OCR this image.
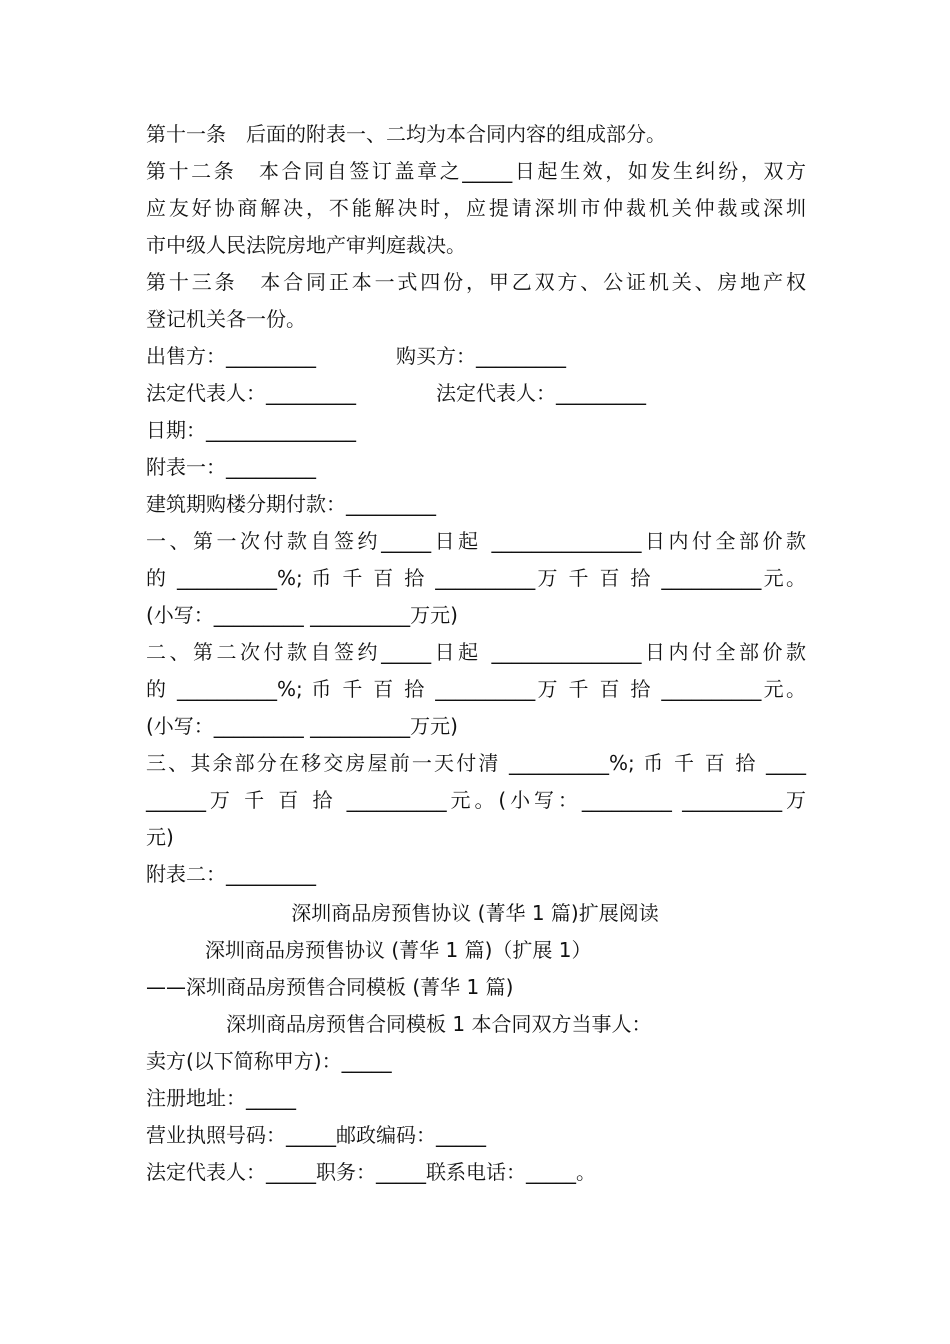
第十一条　后面的附表一、二均为本合同内容的组成部分。
第十二条　本合同自签订盖章之_____日起生效，如发生纠纷，双方
应友好协商解决，不能解决时，应提请深圳市仲裁机关仲裁或深圳
市中级人民法院房地产审判庭裁决。
第十三条　本合同正本一式四份，甲乙双方、公证机关、房地产权
登记机关各一份。
出售方：_________　　　　购买方：_________
法定代表人：_________　　　　法定代表人：_________
日期：_______________
附表一：_________
建筑期购楼分期付款：_________
一、第一次付款自签约_____日起 _______________日内付全部价款
的 __________%; 币 千 百 拾 __________万 千 百 拾 __________元。
(小写：_________ __________万元)
二、第二次付款自签约_____日起 _______________日内付全部价款
的 __________%; 币 千 百 拾 __________万 千 百 拾 __________元。
(小写：_________ __________万元)
三、其余部分在移交房屋前一天付清 __________%; 币 千 百 拾 ____
______万 千 百 拾 __________元。(小写：_________ __________万
元)
附表二：_________
深圳商品房预售协议 (菁华 1 篇)扩展阅读
深圳商品房预售协议 (菁华 1 篇)（扩展 1）
——深圳商品房预售合同模板 (菁华 1 篇)
深圳商品房预售合同模板 1 本合同双方当事人：
卖方(以下简称甲方)：_____
注册地址：_____
营业执照号码：_____邮政编码：_____
法定代表人：_____职务：_____联系电话：_____。
